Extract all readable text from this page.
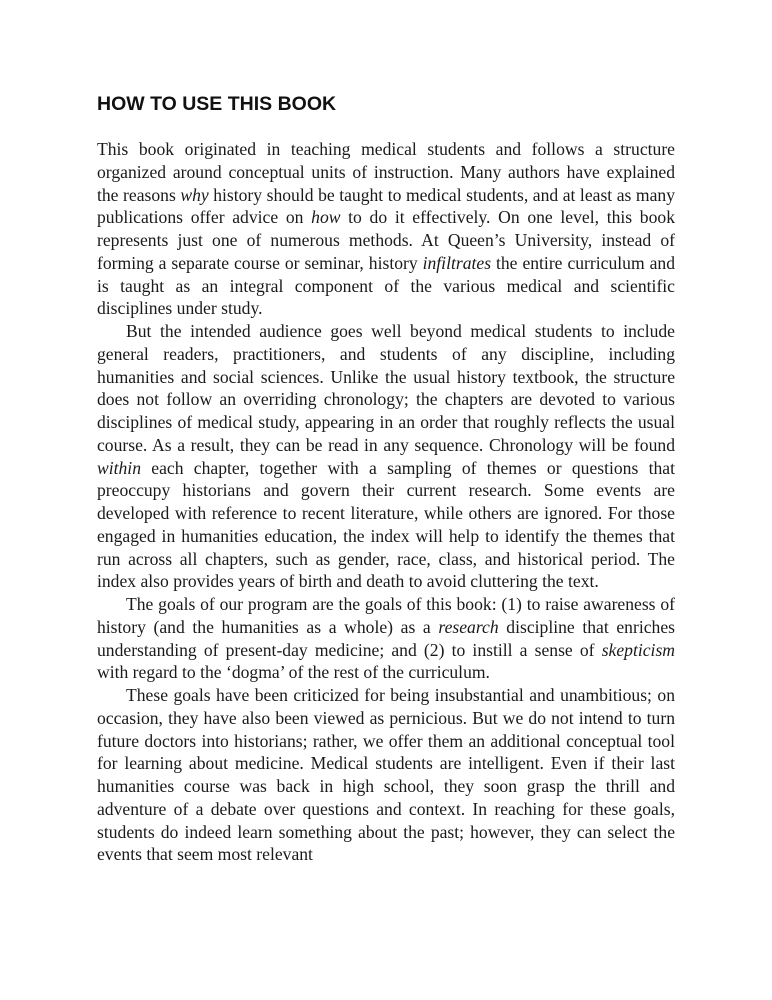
HOW TO USE THIS BOOK

This book originated in teaching medical students and follows a structure organized around conceptual units of instruction. Many authors have explained the reasons why history should be taught to medical students, and at least as many publications offer advice on how to do it effectively. On one level, this book represents just one of numerous methods. At Queen’s University, instead of forming a separate course or seminar, history infiltrates the entire curriculum and is taught as an integral component of the various medical and scientific disciplines under study.

But the intended audience goes well beyond medical students to include general readers, practitioners, and students of any discipline, including humanities and social sciences. Unlike the usual history textbook, the structure does not follow an overriding chronology; the chapters are devoted to various disciplines of medical study, appearing in an order that roughly reflects the usual course. As a result, they can be read in any sequence. Chronology will be found within each chapter, together with a sampling of themes or questions that preoccupy historians and govern their current research. Some events are developed with reference to recent literature, while others are ignored. For those engaged in humanities education, the index will help to identify the themes that run across all chapters, such as gender, race, class, and historical period. The index also provides years of birth and death to avoid cluttering the text.

The goals of our program are the goals of this book: (1) to raise awareness of history (and the humanities as a whole) as a research discipline that enriches understanding of present-day medicine; and (2) to instill a sense of skepticism with regard to the ‘dogma’ of the rest of the curriculum.

These goals have been criticized for being insubstantial and unambitious; on occasion, they have also been viewed as pernicious. But we do not intend to turn future doctors into historians; rather, we offer them an additional conceptual tool for learning about medicine. Medical students are intelligent. Even if their last humanities course was back in high school, they soon grasp the thrill and adventure of a debate over questions and context. In reaching for these goals, students do indeed learn something about the past; however, they can select the events that seem most relevant
